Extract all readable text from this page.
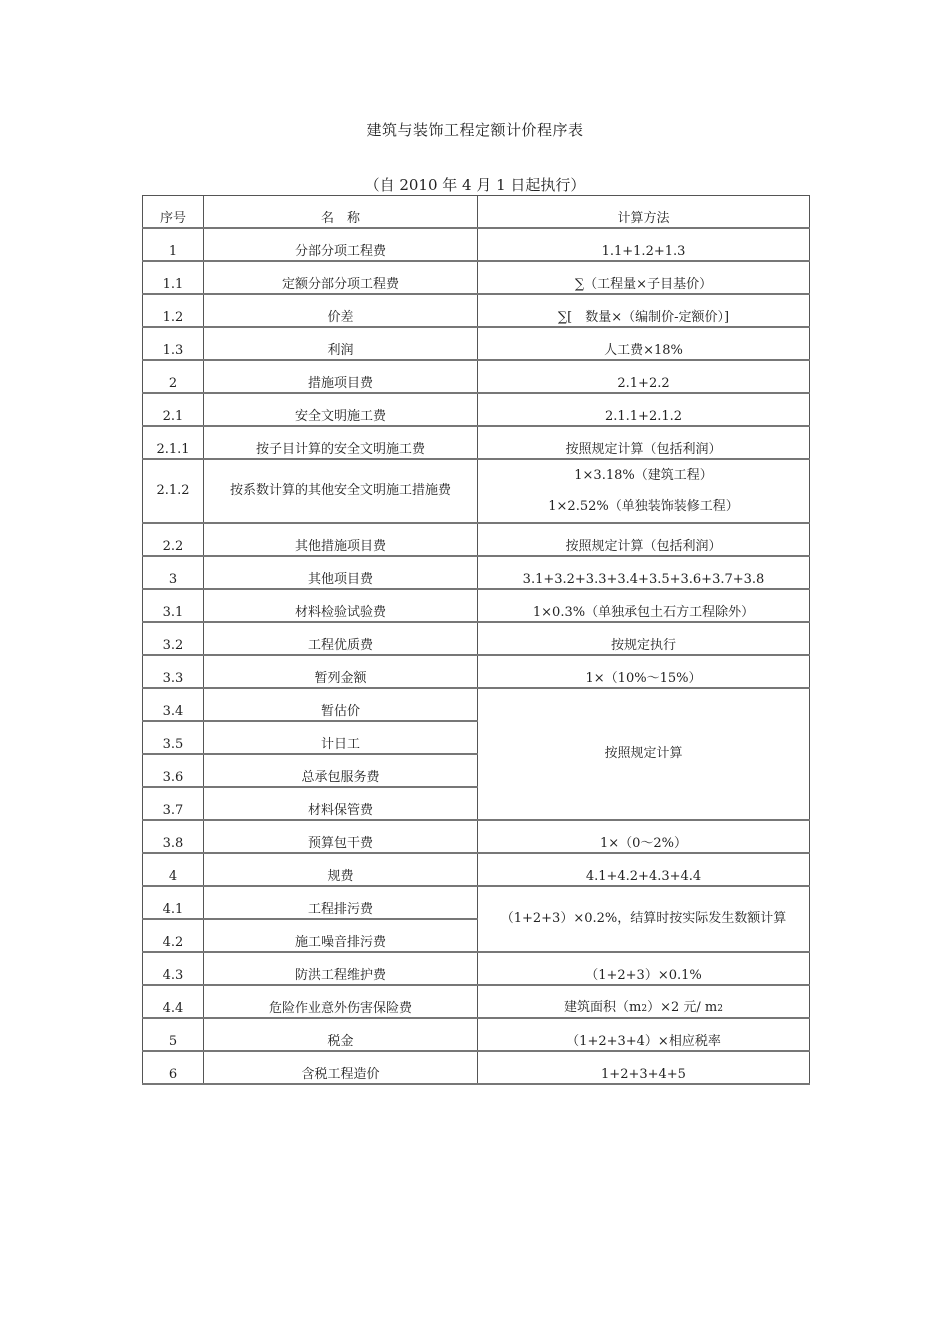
建筑与装饰工程定额计价程序表
（自 2010 年 4 月 1 日起执行）
序号	名　称	计算方法
1	分部分项工程费	1.1+1.2+1.3
1.1	定额分部分项工程费	∑（工程量×子目基价）
1.2	价差	∑[　数量×（编制价-定额价）]
1.3	利润	人工费×18%
2	措施项目费	2.1+2.2
2.1	安全文明施工费	2.1.1+2.1.2
2.1.1	按子目计算的安全文明施工费	按照规定计算（包括利润）
2.1.2	按系数计算的其他安全文明施工措施费	1×3.18%（建筑工程）
1×2.52%（单独装饰装修工程）

2.2	其他措施项目费	按照规定计算（包括利润）
3	其他项目费	3.1+3.2+3.3+3.4+3.5+3.6+3.7+3.8
3.1	材料检验试验费	1×0.3%（单独承包土石方工程除外）
3.2	工程优质费	按规定执行
3.3	暂列金额	1×（10%～15%）
3.4	暂估价	按照规定计算
3.5	计日工	
3.6	总承包服务费	
3.7	材料保管费	
3.8	预算包干费	1×（0～2%）
4	规费	4.1+4.2+4.3+4.4
4.1	工程排污费	（1+2+3）×0.2%，结算时按实际发生数额计算
4.2	施工噪音排污费	
4.3	防洪工程维护费	（1+2+3）×0.1%
4.4	危险作业意外伤害保险费	建筑面积（m2）×2 元/ m2
5	税金	（1+2+3+4）×相应税率
6	含税工程造价	1+2+3+4+5
